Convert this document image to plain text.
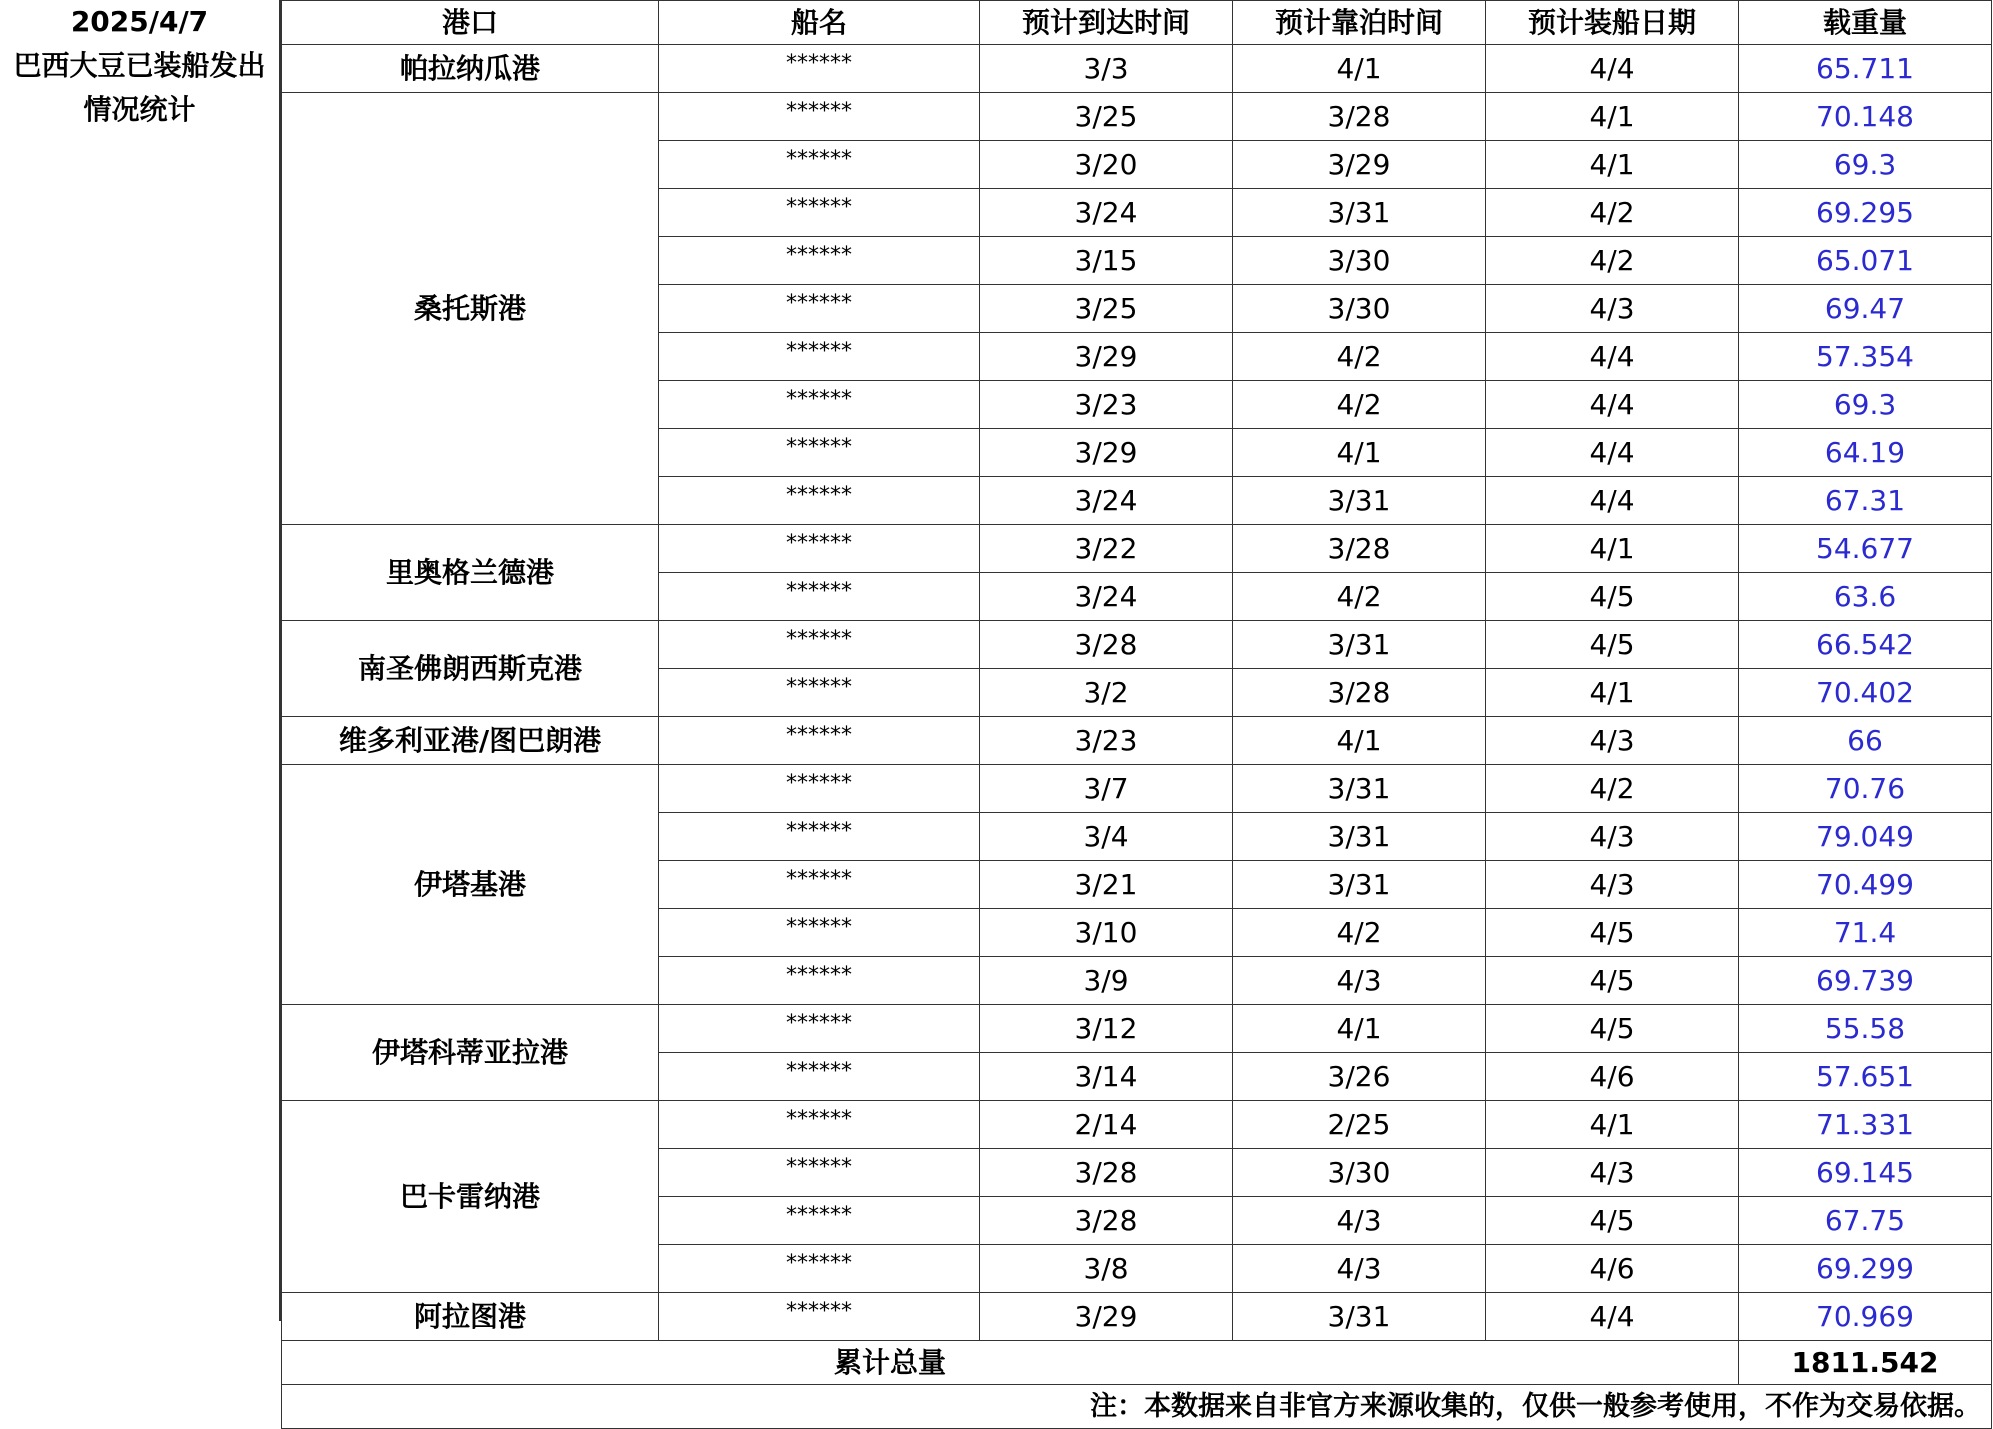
2025/4/7
巴西大豆已装船发出情况统计
港口	船名	预计到达时间	预计靠泊时间	预计装船日期	载重量
帕拉纳瓜港	******	3/3	4/1	4/4	65.711
桑托斯港	******	3/25	3/28	4/1	70.148
	******	3/20	3/29	4/1	69.3
	******	3/24	3/31	4/2	69.295
	******	3/15	3/30	4/2	65.071
	******	3/25	3/30	4/3	69.47
	******	3/29	4/2	4/4	57.354
	******	3/23	4/2	4/4	69.3
	******	3/29	4/1	4/4	64.19
	******	3/24	3/31	4/4	67.31
里奥格兰德港	******	3/22	3/28	4/1	54.677
	******	3/24	4/2	4/5	63.6
南圣佛朗西斯克港	******	3/28	3/31	4/5	66.542
	******	3/2	3/28	4/1	70.402
维多利亚港/图巴朗港	******	3/23	4/1	4/3	66
伊塔基港	******	3/7	3/31	4/2	70.76
	******	3/4	3/31	4/3	79.049
	******	3/21	3/31	4/3	70.499
	******	3/10	4/2	4/5	71.4
	******	3/9	4/3	4/5	69.739
伊塔科蒂亚拉港	******	3/12	4/1	4/5	55.58
	******	3/14	3/26	4/6	57.651
巴卡雷纳港	******	2/14	2/25	4/1	71.331
	******	3/28	3/30	4/3	69.145
	******	3/28	4/3	4/5	67.75
	******	3/8	4/3	4/6	69.299
阿拉图港	******	3/29	3/31	4/4	70.969
累计总量					1811.542
注：本数据来自非官方来源收集的，仅供一般参考使用，不作为交易依据。					
